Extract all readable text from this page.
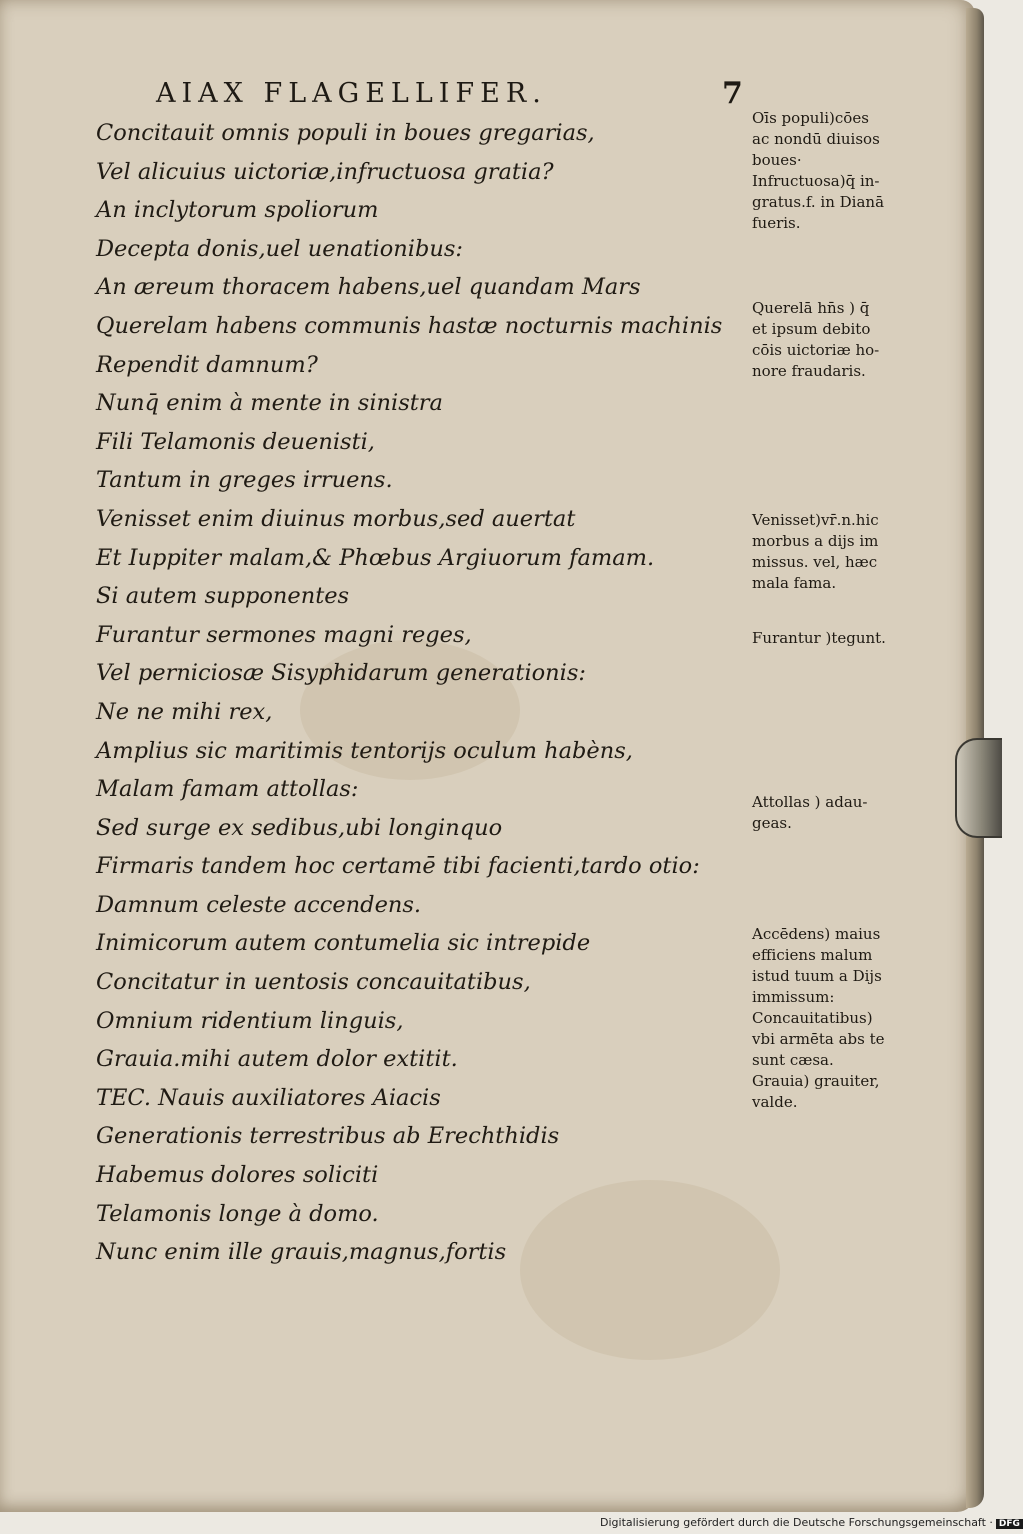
AIAX FLAGELLIFER.	7
Concitauit omnis populi in boues gregarias,
Vel alicuius uictoriæ,infructuosa gratia?
An inclytorum spoliorum
Decepta donis,uel uenationibus:
An æreum thoracem habens,uel quandam Mars
Querelam habens communis hastæ nocturnis machinis
Rependit damnum?
Nunq̄ enim à mente in sinistra
Fili Telamonis deuenisti,
Tantum in greges irruens.
Venisset enim diuinus morbus,sed auertat
Et Iuppiter malam,& Phœbus Argiuorum famam.
Si autem supponentes
Furantur sermones magni reges,
Vel perniciosæ Sisyphidarum generationis:
Ne ne mihi rex,
Amplius sic maritimis tentorijs oculum habèns,
Malam famam attollas:
Sed surge ex sedibus,ubi longinquo
Firmaris tandem hoc certamē tibi facienti,tardo otio:
Damnum celeste accendens.
Inimicorum autem contumelia sic intrepide
Concitatur in uentosis concauitatibus,
Omnium ridentium linguis,
Grauia.mihi autem dolor extitit.
TEC. Nauis auxiliatores Aiacis
Generationis terrestribus ab Erechthidis
Habemus dolores soliciti
Telamonis longe à domo.
Nunc enim ille grauis,magnus,fortis
Oīs populi)cōes
ac nondū diuisos
boues·
Infructuosa)q̄ in-
gratus.f. in Dianā
fueris.
Querelā hn̄s ) q̄
et ipsum debito
cōis uictoriæ ho-
nore fraudaris.
Venisset)vr̄.n.hic
morbus a dijs im
missus. vel, hæc
mala fama.
Furantur )tegunt.
Attollas ) adau-
geas.
Accēdens) maius
efficiens malum
istud tuum a Dijs
immissum:
Concauitatibus)
vbi armēta abs te
sunt cæsa.
Grauia) grauiter,
valde.
Digitalisierung gefördert durch die Deutsche Forschungsgemeinschaft · DFG
